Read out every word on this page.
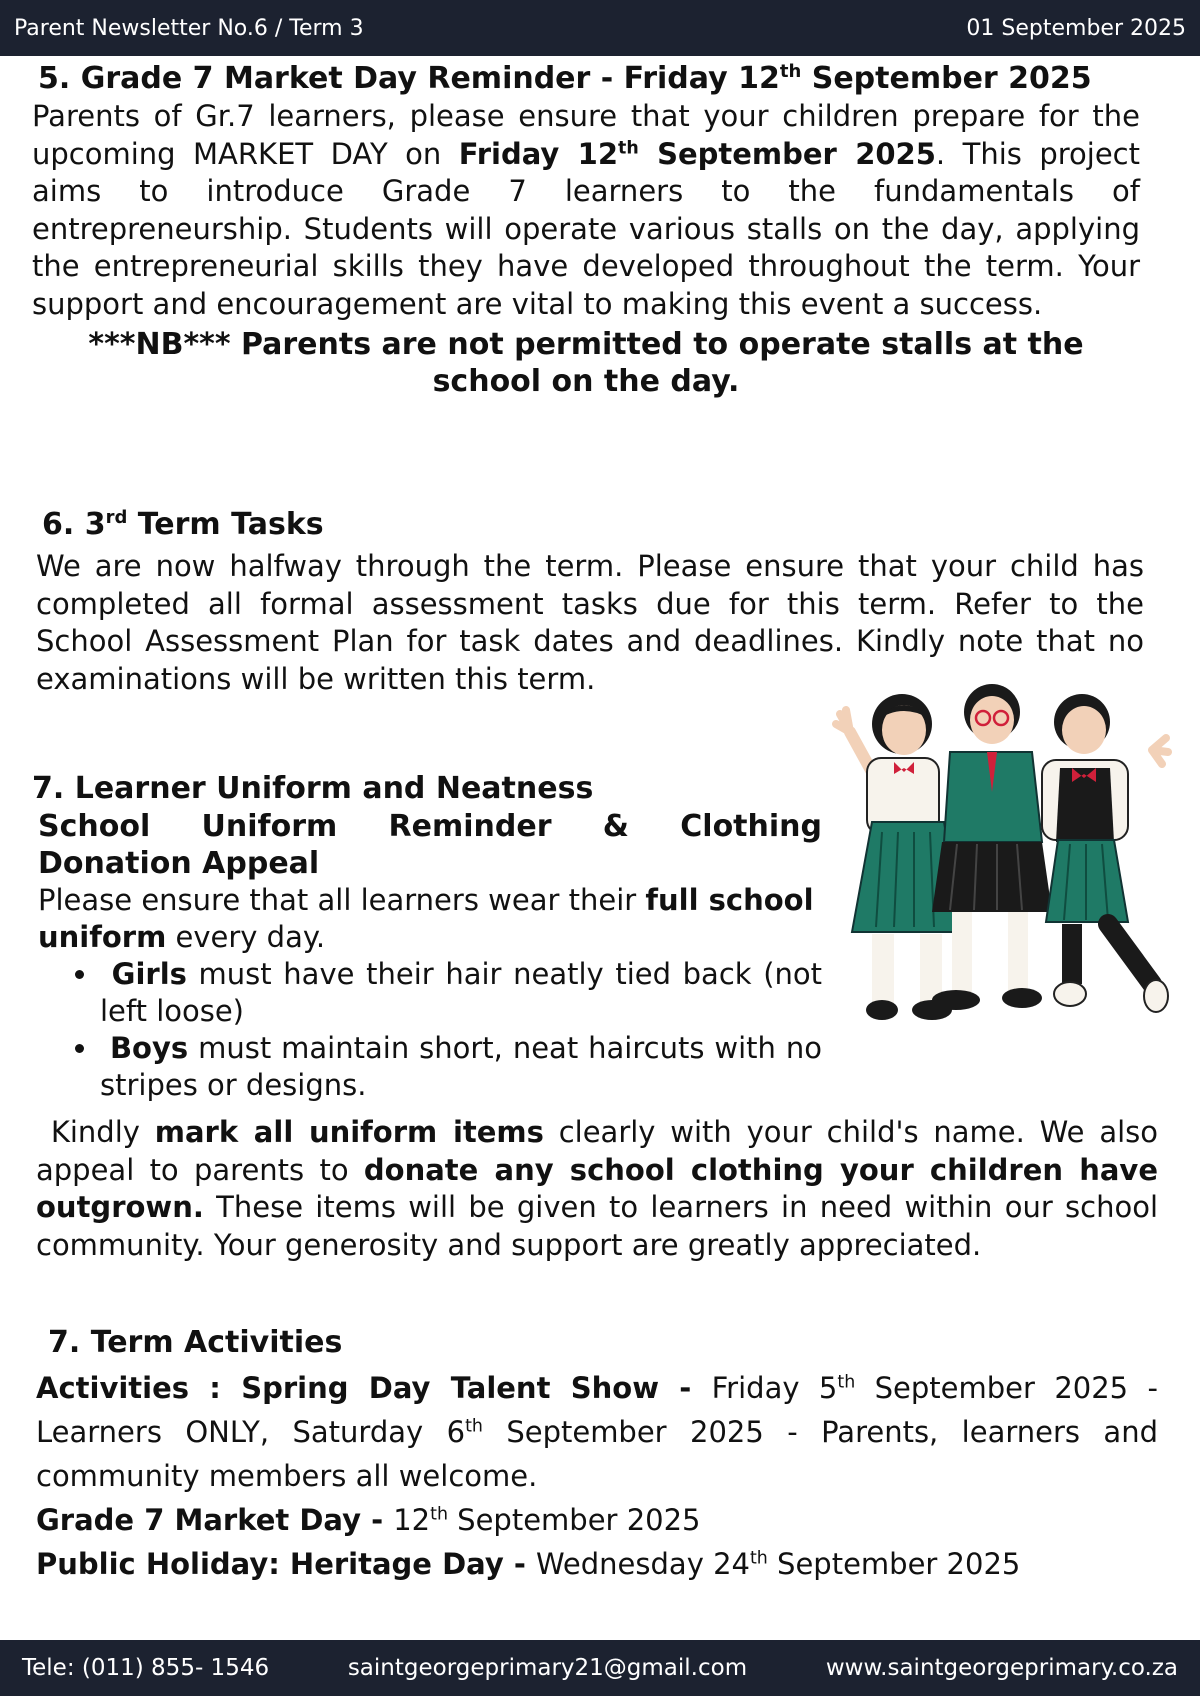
Parent Newsletter No.6 / Term 3	01 September 2025
5. Grade 7 Market Day Reminder - Friday 12th September 2025

Parents of Gr.7 learners, please ensure that your children prepare for the upcoming MARKET DAY on Friday 12th September 2025. This project aims to introduce Grade 7 learners to the fundamentals of entrepreneurship. Students will operate various stalls on the day, applying the entrepreneurial skills they have developed throughout the term. Your support and encouragement are vital to making this event a success.

***NB*** Parents are not permitted to operate stalls at the school on the day.

6. 3rd Term Tasks

We are now halfway through the term. Please ensure that your child has completed all formal assessment tasks due for this term. Refer to the School Assessment Plan for task dates and deadlines. Kindly note that no examinations will be written this term.

7. Learner Uniform and Neatness
School Uniform Reminder & Clothing Donation Appeal
Please ensure that all learners wear their full school uniform every day.
• Girls must have their hair neatly tied back (not left loose)
• Boys must maintain short, neat haircuts with no stripes or designs.

Kindly mark all uniform items clearly with your child's name. We also appeal to parents to donate any school clothing your children have outgrown. These items will be given to learners in need within our school community. Your generosity and support are greatly appreciated.

7. Term Activities

Activities : Spring Day Talent Show - Friday 5th September 2025 - Learners ONLY, Saturday 6th September 2025 - Parents, learners and community members all welcome.

Grade 7 Market Day - 12th September 2025

Public Holiday: Heritage Day - Wednesday 24th September 2025

Tele: (011) 855- 1546	saintgeorgeprimary21@gmail.com	www.saintgeorgeprimary.co.za
